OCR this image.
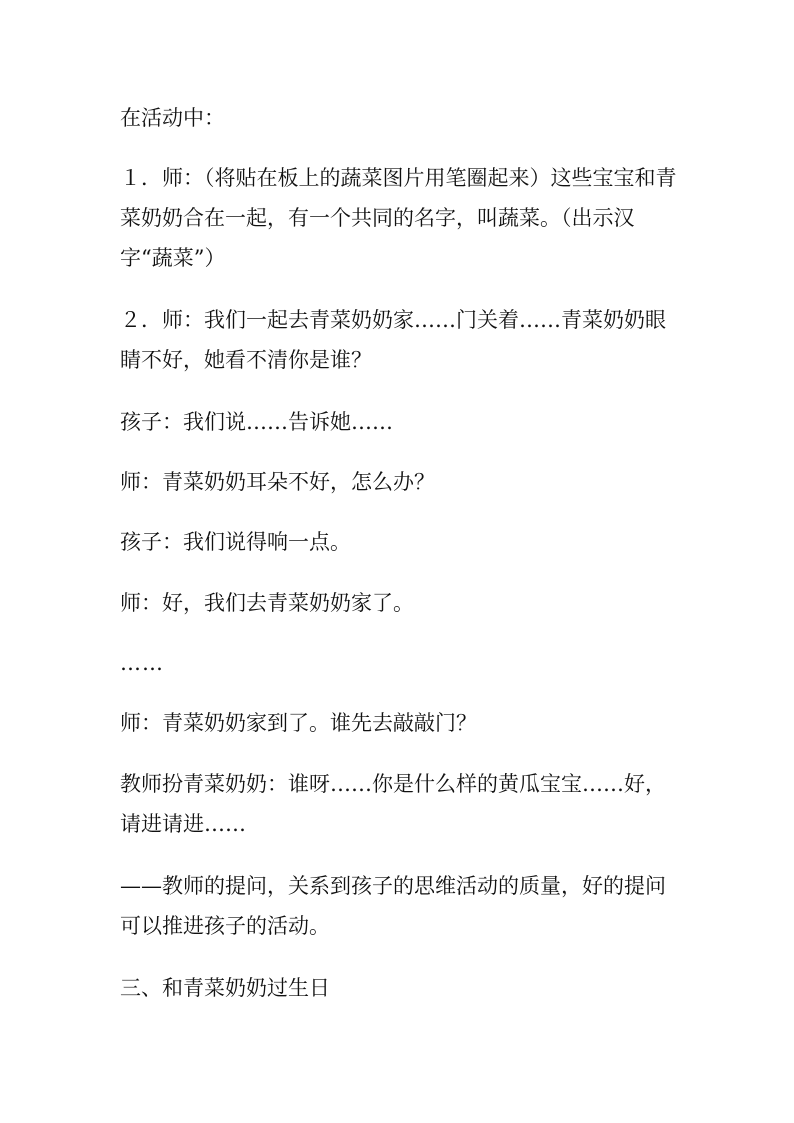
在活动中：
１．师：（将贴在板上的蔬菜图片用笔圈起来）这些宝宝和青菜奶奶合在一起，有一个共同的名字，叫蔬菜。（出示汉字“蔬菜”）
２．师：我们一起去青菜奶奶家……门关着……青菜奶奶眼睛不好，她看不清你是谁？
孩子：我们说……告诉她……
师：青菜奶奶耳朵不好，怎么办？
孩子：我们说得响一点。
师：好，我们去青菜奶奶家了。
……
师：青菜奶奶家到了。谁先去敲敲门？
教师扮青菜奶奶：谁呀……你是什么样的黄瓜宝宝……好，请进请进……
——教师的提问，关系到孩子的思维活动的质量，好的提问可以推进孩子的活动。
三、和青菜奶奶过生日
